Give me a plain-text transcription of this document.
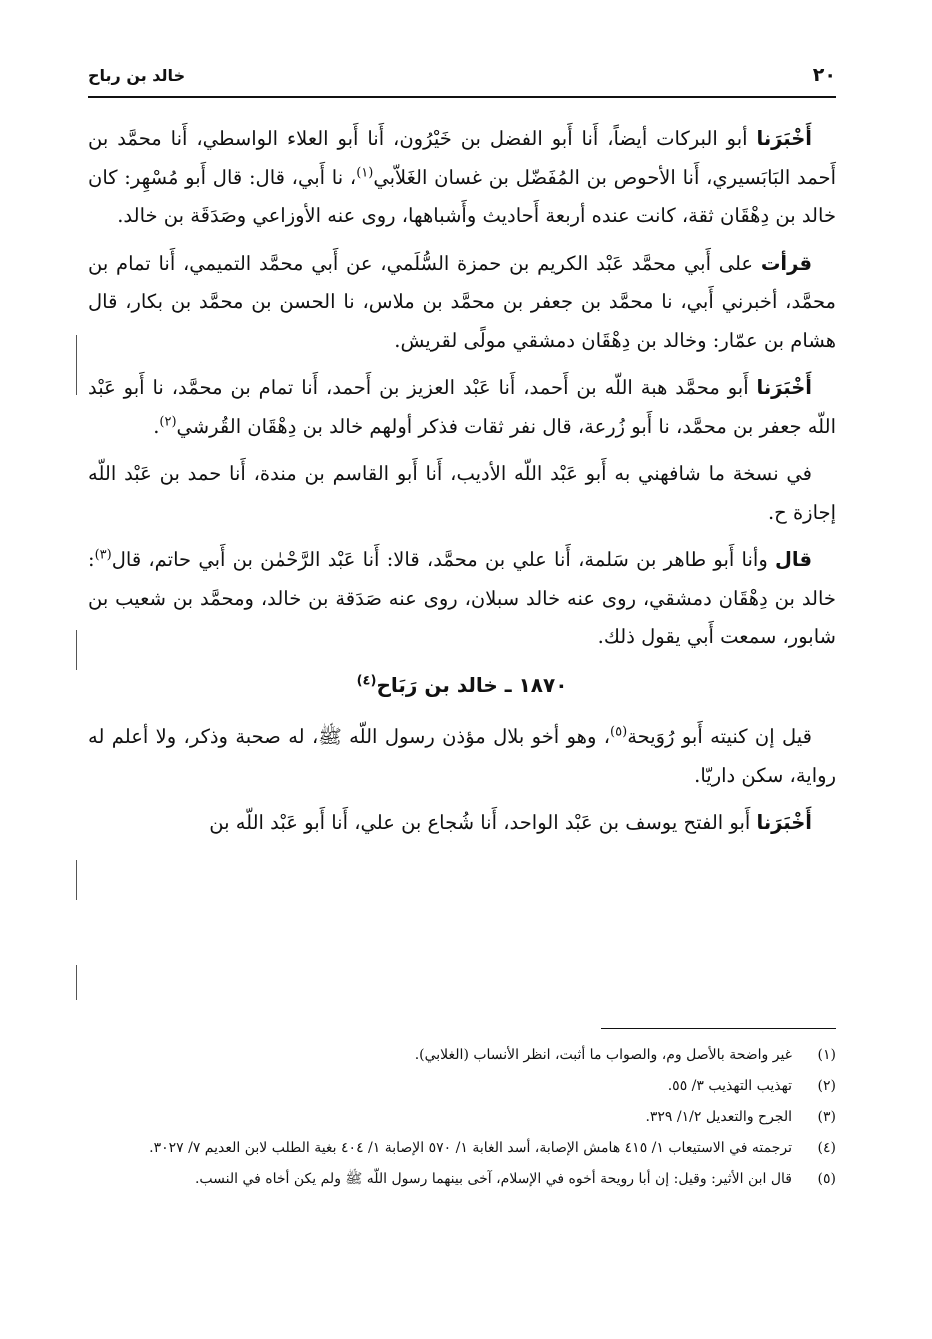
٢٠
خالد بن رباح

أَخْبَرَنا أبو البركات أيضاً، أَنا أَبو الفضل بن خَيْرُون، أَنا أَبو العلاء الواسطي، أَنا محمَّد بن أَحمد البَابَسيري، أَنا الأحوص بن المُفَضّل بن غسان الغَلاّبي$^{(١)}$، نا أَبي، قال: قال أَبو مُسْهِر: كان خالد بن دِهْقَان ثقة، كانت عنده أربعة أَحاديث وأَشباهها، روى عنه الأوزاعي وصَدَقَة بن خالد.

قرأت على أَبي محمَّد عَبْد الكريم بن حمزة السُّلَمي، عن أَبي محمَّد التميمي، أَنا تمام بن محمَّد، أخبرني أَبي، نا محمَّد بن جعفر بن محمَّد بن ملاس، نا الحسن بن محمَّد بن بكار، قال هشام بن عمّار: وخالد بن دِهْقَان دمشقي مولًى لقريش.

أَخْبَرَنا أَبو محمَّد هبة اللّه بن أَحمد، أَنا عَبْد العزيز بن أَحمد، أَنا تمام بن محمَّد، نا أَبو عَبْد اللّه جعفر بن محمَّد، نا أَبو زُرعة، قال نفر ثقات فذكر أولهم خالد بن دِهْقَان القُرشي$^{(٢)}$.

في نسخة ما شافهني به أَبو عَبْد اللّه الأديب، أَنا أَبو القاسم بن مندة، أَنا حمد بن عَبْد اللّه إجازة ح.

قال وأنا أَبو طاهر بن سَلمة، أَنا علي بن محمَّد، قالا: أَنا عَبْد الرَّحْمٰن بن أَبي حاتم، قال$^{(٣)}$: خالد بن دِهْقَان دمشقي، روى عنه خالد سبلان، روى عنه صَدَقة بن خالد، ومحمَّد بن شعيب بن شابور، سمعت أَبي يقول ذلك.

١٨٧٠ ـ خالد بن رَبَاح$^{(٤)}$

قيل إن كنيته أَبو رُوَيحة$^{(٥)}$، وهو أخو بلال مؤذن رسول اللّه ﷺ، له صحبة وذكر، ولا أعلم له رواية، سكن داريّا.

أَخْبَرَنا أَبو الفتح يوسف بن عَبْد الواحد، أَنا شُجاع بن علي، أَنا أَبو عَبْد اللّه بن

(١)
غير واضحة بالأصل وم، والصواب ما أثبت، انظر الأنساب (الغلابي).
(٢)
تهذيب التهذيب ٣/ ٥٥.
(٣)
الجرح والتعديل ١/٢/ ٣٢٩.
(٤)
ترجمته في الاستيعاب ١/ ٤١٥ هامش الإصابة، أسد الغابة ١/ ٥٧٠ الإصابة ١/ ٤٠٤ بغية الطلب لابن العديم ٧/ ٣٠٢٧.
(٥)
قال ابن الأثير: وقيل: إن أبا رويحة أخوه في الإسلام، آخى بينهما رسول اللّه ﷺ ولم يكن أخاه في النسب.
